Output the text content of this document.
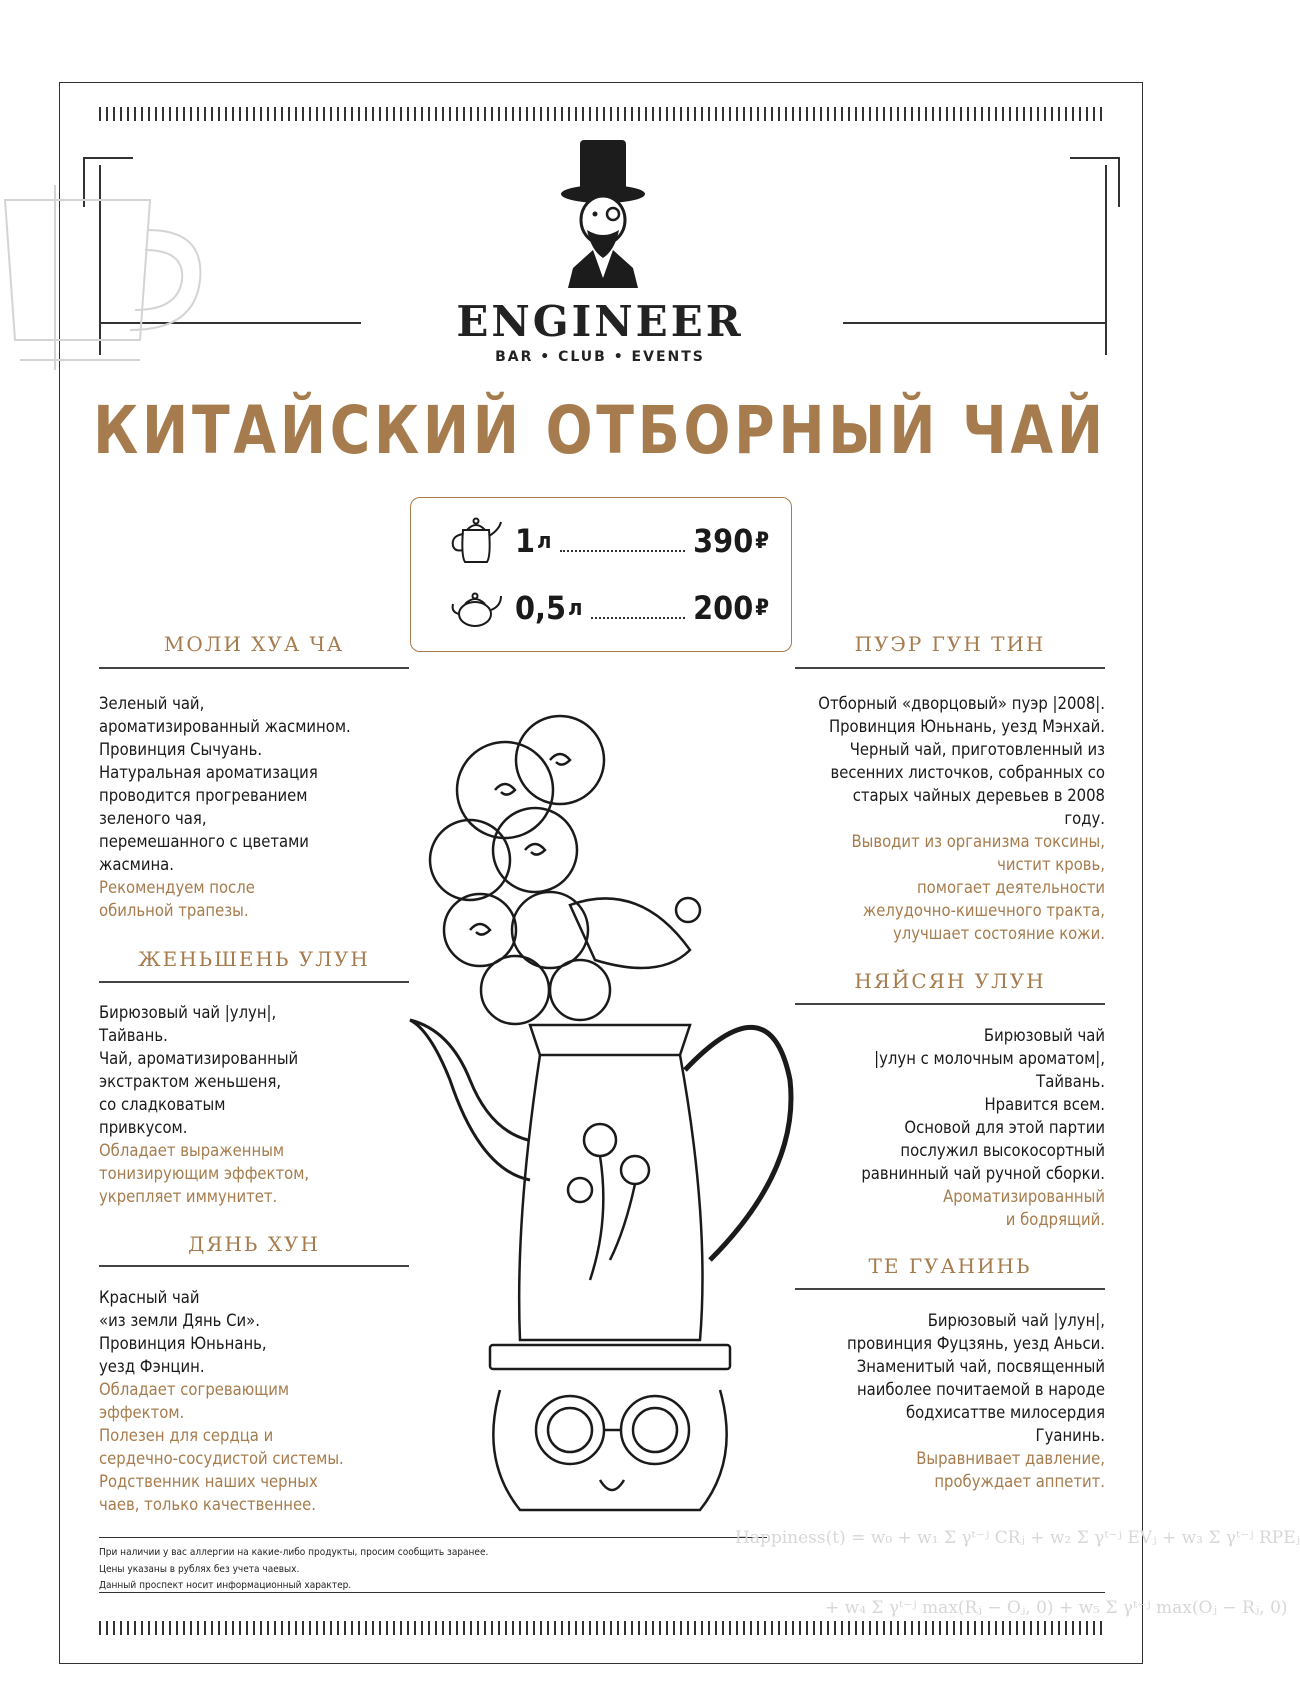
ENGINEER
BAR • CLUB • EVENTS
КИТАЙСКИЙ ОТБОРНЫЙ ЧАЙ
1 л	390 ₽
0,5 л	200 ₽
МОЛИ ХУА ЧА
Зеленый чай,
ароматизированный жасмином.
Провинция Сычуань.
Натуральная ароматизация
проводится прогреванием
зеленого чая,
перемешанного с цветами
жасмина.
Рекомендуем после
обильной трапезы.
ЖЕНЬШЕНЬ УЛУН
Бирюзовый чай |улун|,
Тайвань.
Чай, ароматизированный
экстрактом женьшеня,
со сладковатым
привкусом.
Обладает выраженным
тонизирующим эффектом,
укрепляет иммунитет.
ДЯНЬ ХУН
Красный чай
«из земли Дянь Си».
Провинция Юньнань,
уезд Фэнцин.
Обладает согревающим
эффектом.
Полезен для сердца и
сердечно-сосудистой системы.
Родственник наших черных
чаев, только качественнее.
ПУЭР ГУН ТИН
Отборный «дворцовый» пуэр |2008|.
Провинция Юньнань, уезд Мэнхай.
Черный чай, приготовленный из
весенних листочков, собранных со
старых чайных деревьев в 2008
году.
Выводит из организма токсины,
чистит кровь,
помогает деятельности
желудочно-кишечного тракта,
улучшает состояние кожи.
НЯЙСЯН УЛУН
Бирюзовый чай
|улун с молочным ароматом|,
Тайвань.
Нравится всем.
Основой для этой партии
послужил высокосортный
равнинный чай ручной сборки.
Ароматизированный
и бодрящий.
ТЕ ГУАНИНЬ
Бирюзовый чай |улун|,
провинция Фуцзянь, уезд Аньси.
Знаменитый чай, посвященный
наиболее почитаемой в народе
бодхисаттве милосердия
Гуанинь.
Выравнивает давление,
пробуждает аппетит.
При наличии у вас аллергии на какие-либо продукты, просим сообщить заранее.
Цены указаны в рублях без учета чаевых.
Данный проспект носит информационный характер.
Happiness(t) = w₀ + w₁ Σ γᵗ⁻ʲ CRⱼ + w₂ Σ γᵗ⁻ʲ EVⱼ + w₃ Σ γᵗ⁻ʲ RPEⱼ
+ w₄ Σ γᵗ⁻ʲ max(Rⱼ − Oⱼ, 0) + w₅ Σ γᵗ⁻ʲ max(Oⱼ − Rⱼ, 0)
